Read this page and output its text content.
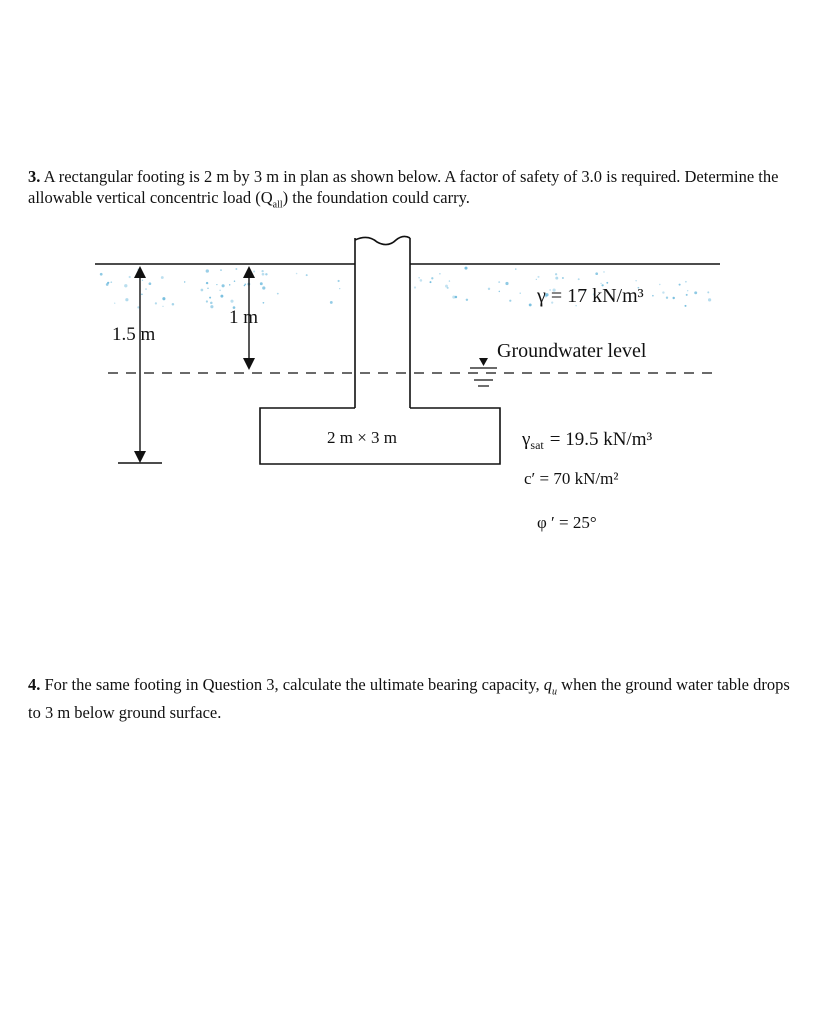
3. A rectangular footing is 2 m by 3 m in plan as shown below. A factor of safety of 3.0 is required. Determine the allowable vertical concentric load $(Q_{all})$ the foundation could carry.
1.5 m
1 m
2 m × 3 m
γ = 17 kN/m³
Groundwater level
$\gamma_{sat} = 19.5$ kN/m³
c′ = 70 kN/m²
φ ′ = 25°
4. For the same footing in Question 3, calculate the ultimate bearing capacity, $q_u$ when the ground water table drops to 3 m below ground surface.
